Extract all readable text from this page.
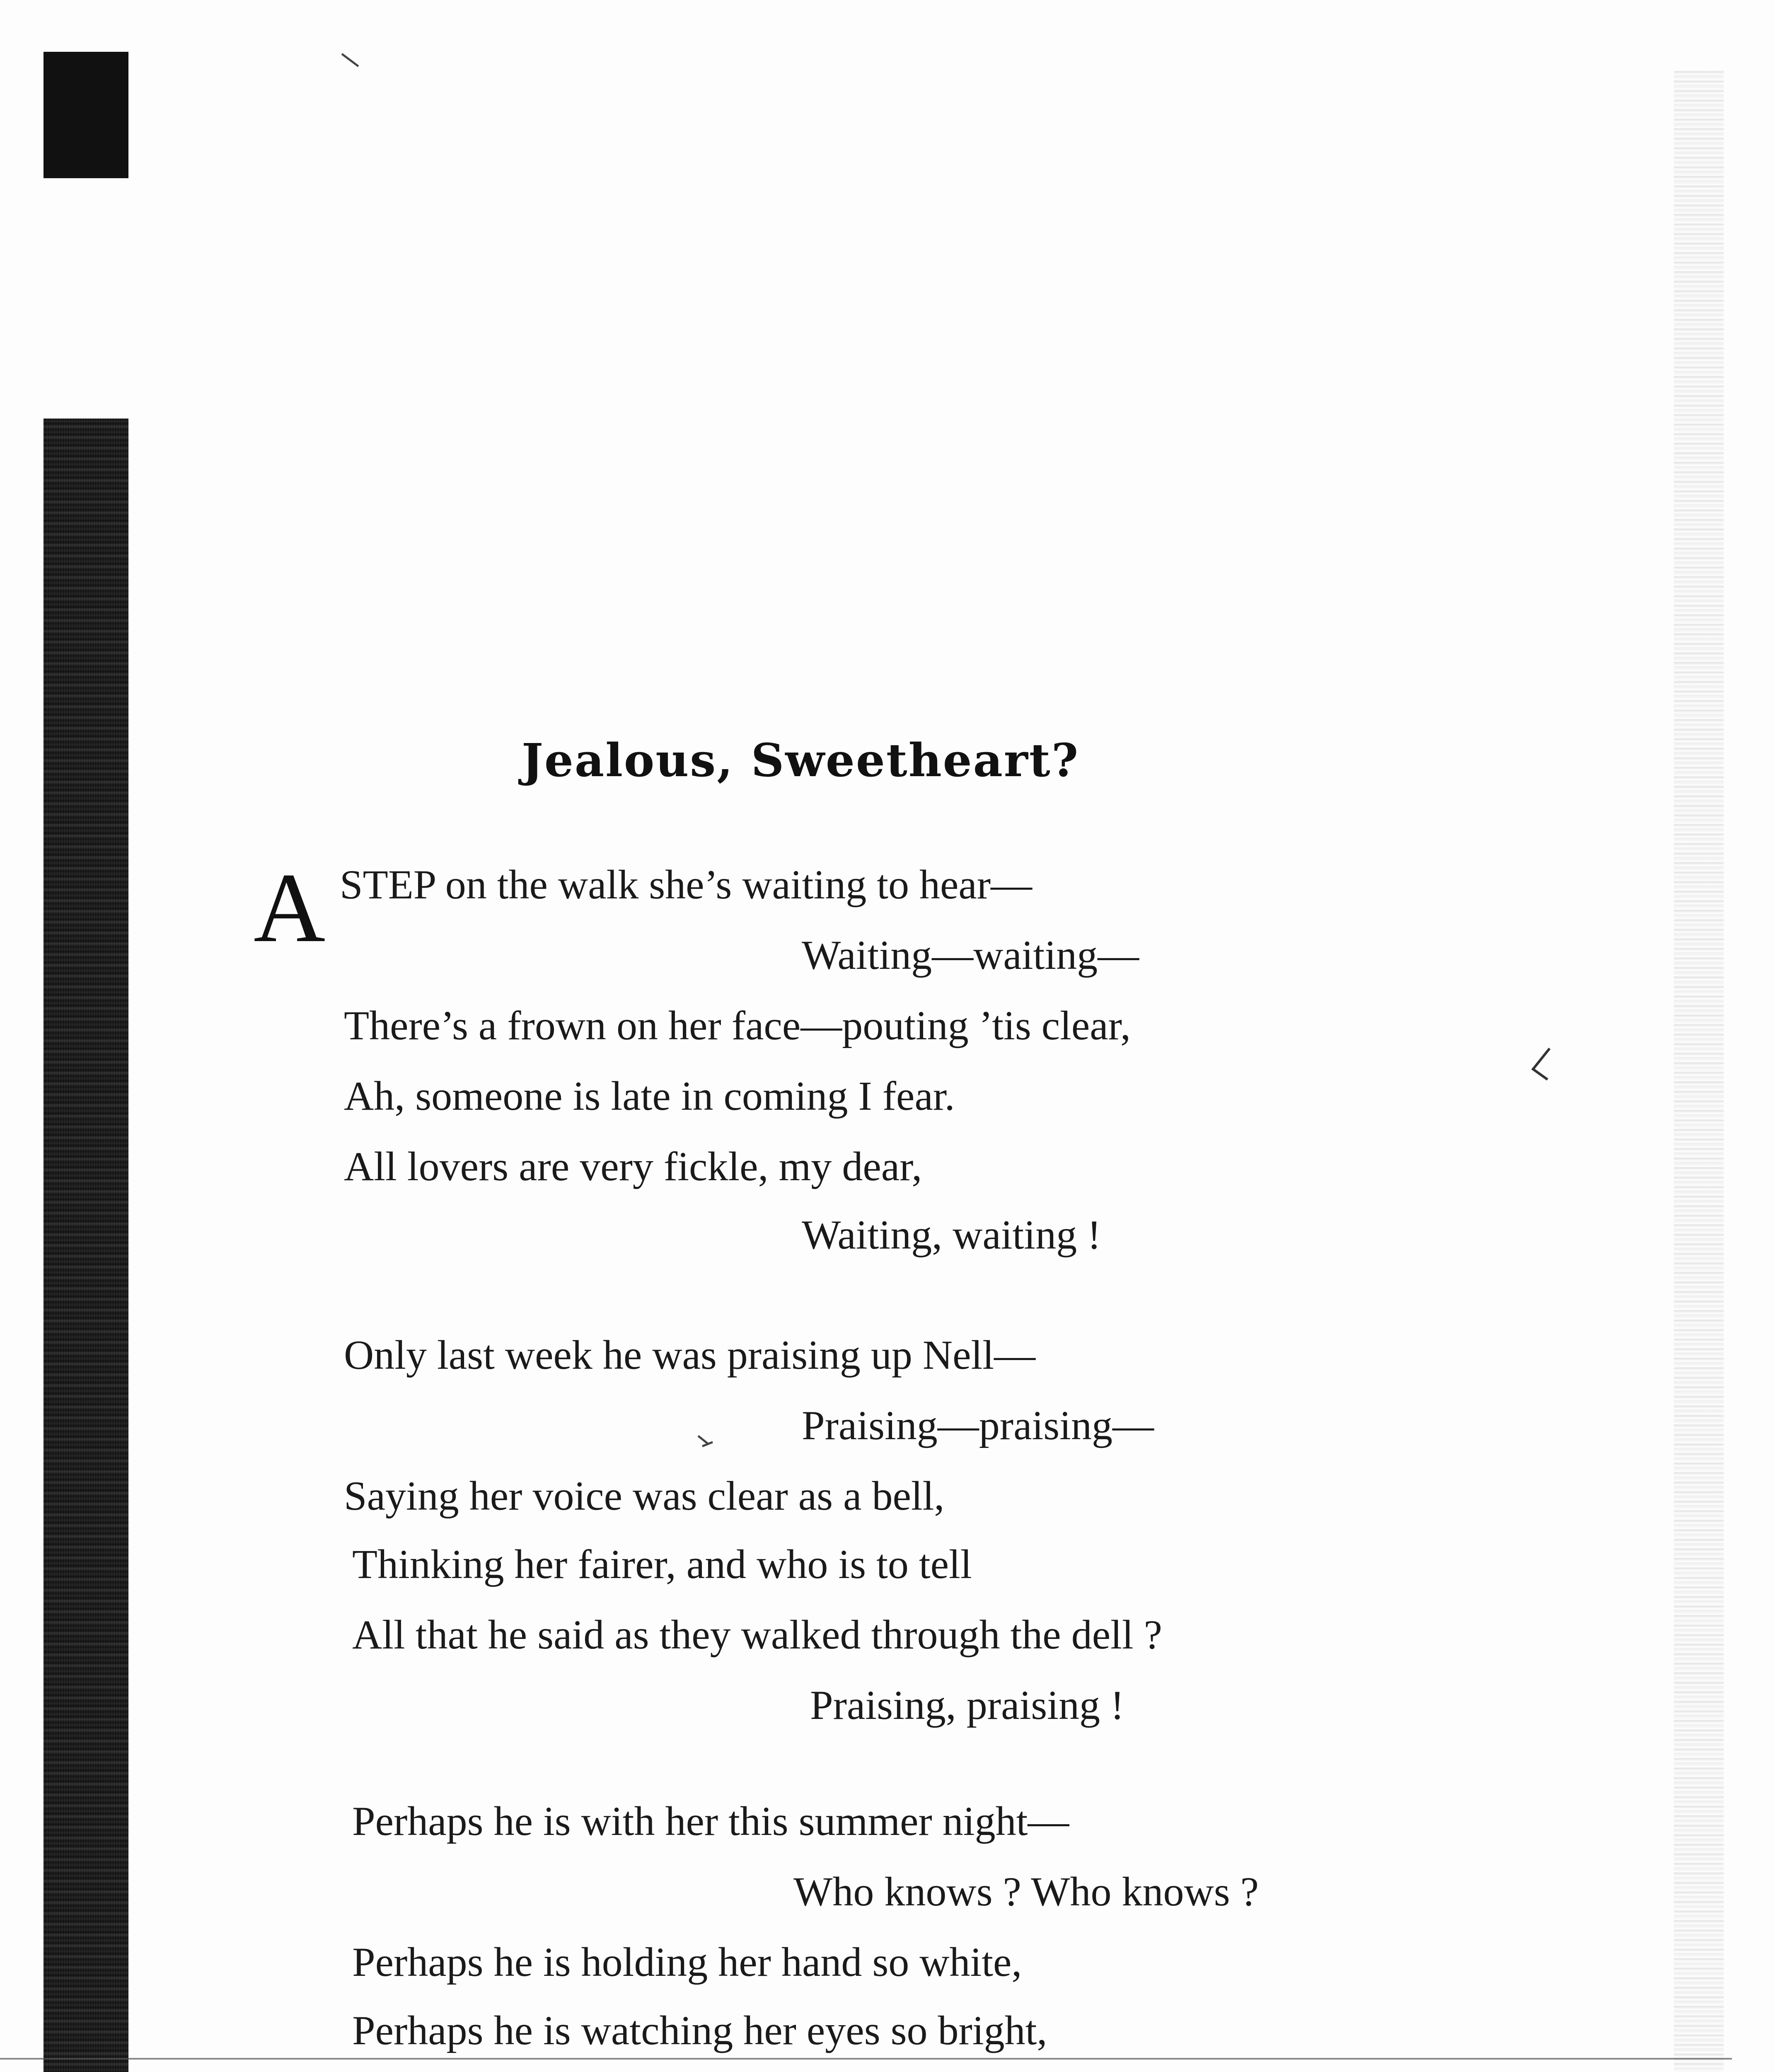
Jealous, Sweetheart?
A STEP on the walk she’s waiting to hear—
Waiting—waiting—
There’s a frown on her face—pouting ’tis clear,
Ah, someone is late in coming I fear.
All lovers are very fickle, my dear,
Waiting, waiting !
Only last week he was praising up Nell—
Praising—praising—
Saying her voice was clear as a bell,
Thinking her fairer, and who is to tell
All that he said as they walked through the dell ?
Praising, praising !
Perhaps he is with her this summer night—
Who knows ? Who knows ?
Perhaps he is holding her hand so white,
Perhaps he is watching her eyes so bright,
